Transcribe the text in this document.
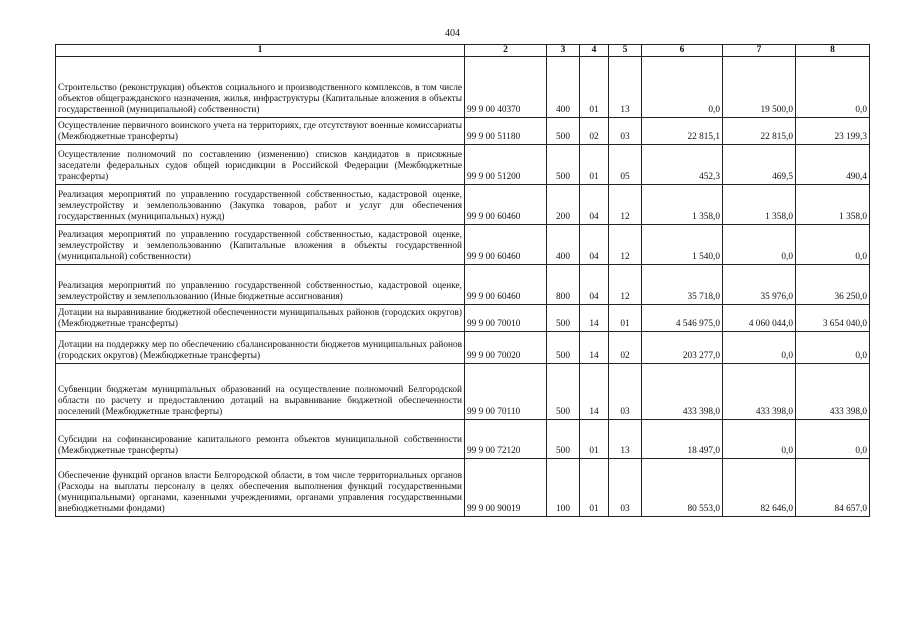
404
1	2	3	4	5	6	7	8
Строительство (реконструкция) объектов социального и производственного комплексов, в том числе объектов общегражданского назначения, жилья, инфраструктуры (Капитальные вложения в объекты государственной (муниципальной) собственности)	99 9 00 40370	400	01	13	0,0	19 500,0	0,0
Осуществление первичного воинского учета на территориях, где отсутствуют военные комиссариаты (Межбюджетные трансферты)	99 9 00 51180	500	02	03	22 815,1	22 815,0	23 199,3
Осуществление полномочий по составлению (изменению) списков кандидатов в присяжные заседатели федеральных судов общей юрисдикции в Российской Федерации (Межбюджетные трансферты)	99 9 00 51200	500	01	05	452,3	469,5	490,4
Реализация мероприятий по управлению государственной собственностью, кадастровой оценке, землеустройству и землепользованию (Закупка товаров, работ и услуг для обеспечения государственных (муниципальных) нужд)	99 9 00 60460	200	04	12	1 358,0	1 358,0	1 358,0
Реализация мероприятий по управлению государственной собственностью, кадастровой оценке, землеустройству и землепользованию (Капитальные вложения в объекты государственной (муниципальной) собственности)	99 9 00 60460	400	04	12	1 540,0	0,0	0,0
Реализация мероприятий по управлению государственной собственностью, кадастровой оценке, землеустройству и землепользованию (Иные бюджетные ассигнования)	99 9 00 60460	800	04	12	35 718,0	35 976,0	36 250,0
Дотации на выравнивание бюджетной обеспеченности муниципальных районов (городских округов) (Межбюджетные трансферты)	99 9 00 70010	500	14	01	4 546 975,0	4 060 044,0	3 654 040,0
Дотации на поддержку мер по обеспечению сбалансированности бюджетов муниципальных районов (городских округов) (Межбюджетные трансферты)	99 9 00 70020	500	14	02	203 277,0	0,0	0,0
Субвенции бюджетам муниципальных образований на осуществление полномочий Белгородской области по расчету и предоставлению дотаций на выравнивание бюджетной обеспеченности поселений (Межбюджетные трансферты)	99 9 00 70110	500	14	03	433 398,0	433 398,0	433 398,0
Субсидии на софинансирование капитального ремонта объектов муниципальной собственности (Межбюджетные трансферты)	99 9 00 72120	500	01	13	18 497,0	0,0	0,0
Обеспечение функций органов власти Белгородской области, в том числе территориальных органов (Расходы на выплаты персоналу в целях обеспечения выполнения функций государственными (муниципальными) органами, казенными учреждениями, органами управления государственными внебюджетными фондами)	99 9 00 90019	100	01	03	80 553,0	82 646,0	84 657,0
